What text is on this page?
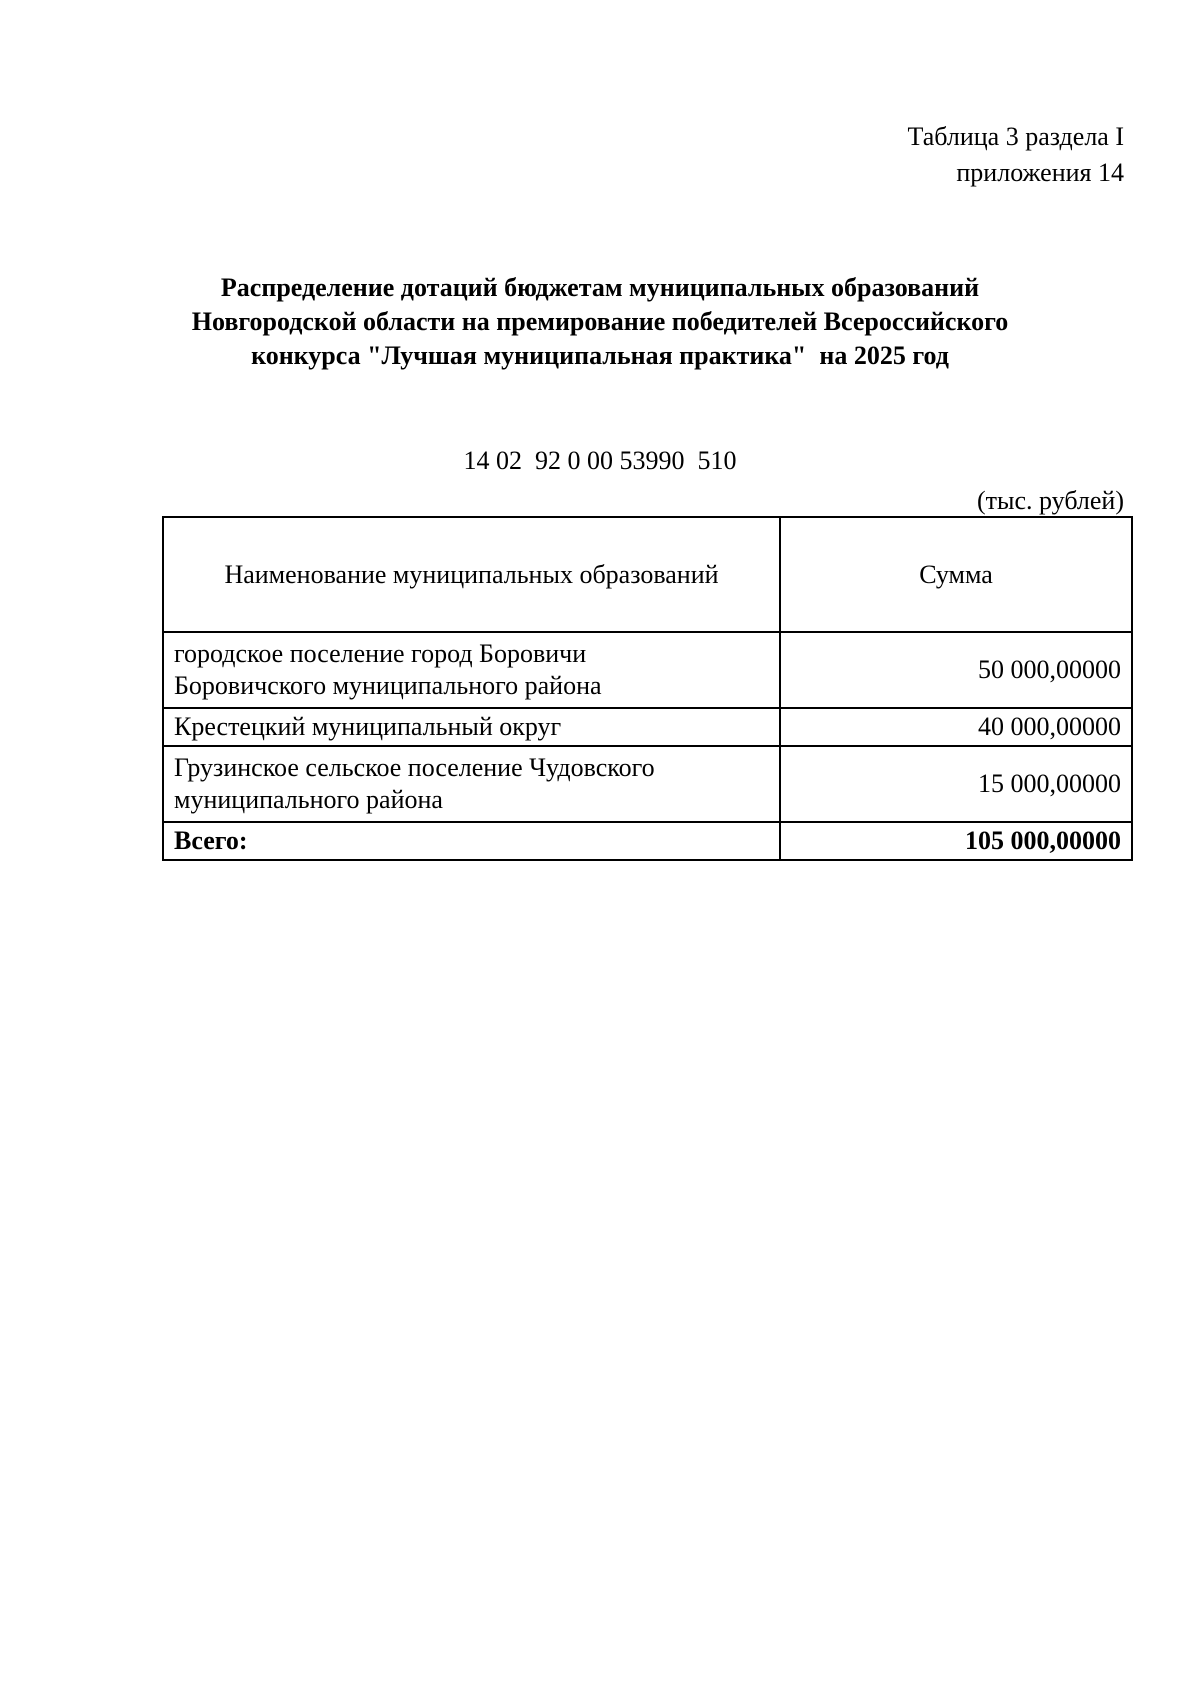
Таблица 3 раздела I
приложения 14
Распределение дотаций бюджетам муниципальных образований
Новгородской области на премирование победителей Всероссийского
конкурса "Лучшая муниципальная практика"  на 2025 год
14 02  92 0 00 53990  510
(тыс. рублей)
Наименование муниципальных образований	Сумма

городское поселение город Боровичи
Боровичского муниципального района	50 000,00000

Крестецкий муниципальный округ	40 000,00000

Грузинское сельское поселение Чудовского
муниципального района	15 000,00000
Всего:	105 000,00000
